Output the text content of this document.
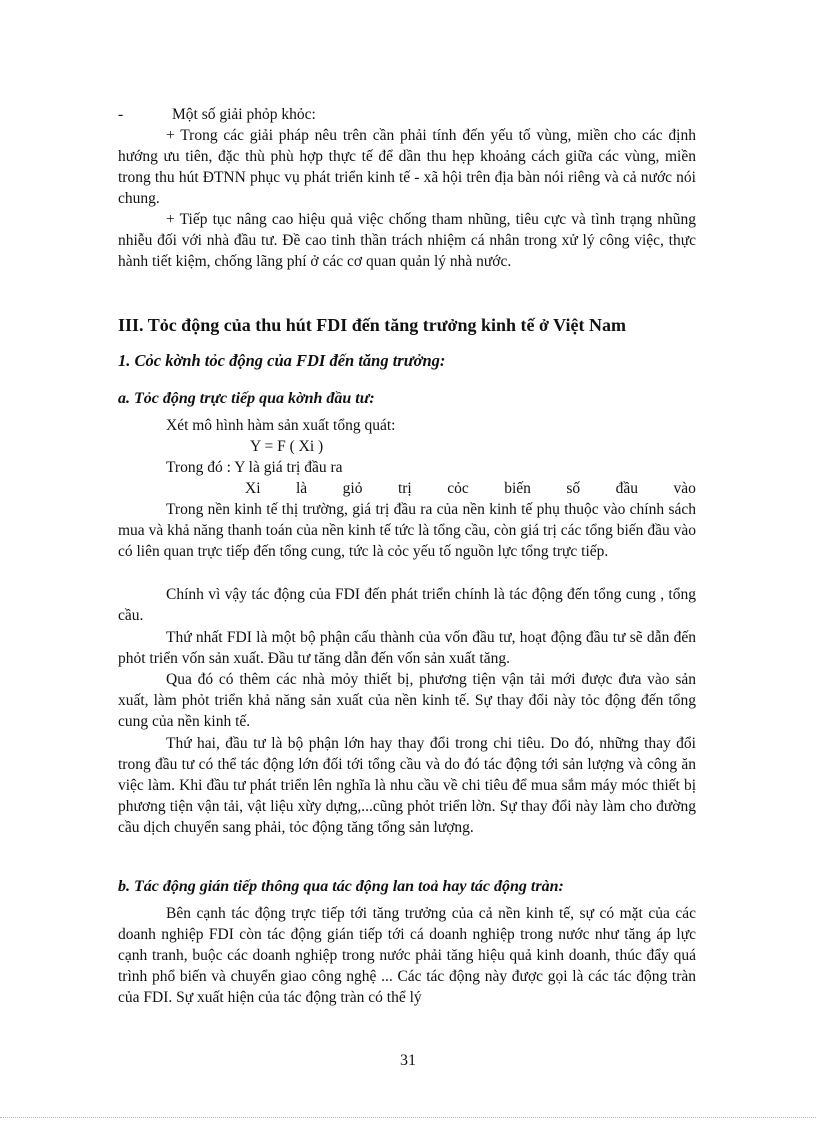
-	Một số giải phỏp khỏc:

+ Trong các giải pháp nêu trên cần phải tính đến yếu tố vùng, miền cho các định hướng ưu tiên, đặc thù phù hợp thực tế để dần thu hẹp khoảng cách giữa các vùng, miền trong thu hút ĐTNN phục vụ phát triển kinh tế - xã hội trên địa bàn nói riêng và cả nước nói chung.

+ Tiếp tục nâng cao hiệu quả việc chống tham nhũng, tiêu cực và tình trạng nhũng nhiễu đối với nhà đầu tư. Đề cao tinh thần trách nhiệm cá nhân trong xử lý công việc, thực hành tiết kiệm, chống lãng phí ở các cơ quan quản lý nhà nước.

III. Tỏc động của thu hút FDI đến tăng trưởng kinh tế ở Việt Nam
1. Cỏc kờnh tỏc động của FDI đến tăng trưởng:
a. Tỏc động trực tiếp qua kờnh đầu tư:
Xét mô hình hàm sản xuất tổng quát:
Y = F ( Xi )
Trong đó : Y là giá trị đầu ra
Xi là giỏ trị cỏc biến số đầu vào

Trong nền kinh tế thị trường, giá trị đầu ra của nền kinh tế phụ thuộc vào chính sách mua và khả năng thanh toán của nền kinh tế tức là tổng cầu, còn giá trị các tổng biến đầu vào có liên quan trực tiếp đến tổng cung, tức là cỏc yếu tố nguồn lực tổng trực tiếp.

Chính vì vậy tác động của FDI đến phát triển chính là tác động đến tổng cung , tổng cầu.

Thứ nhất FDI là một bộ phận cấu thành của vốn đầu tư, hoạt động đầu tư sẽ dẫn đến phỏt triển vốn sản xuất. Đầu tư tăng dẫn đến vốn sản xuất tăng.

Qua đó có thêm các nhà mỏy thiết bị, phương tiện vận tải mới được đưa vào sản xuất, làm phỏt triển khả năng sản xuất của nền kinh tế. Sự thay đổi này tỏc động đến tổng cung của nền kinh tế.

Thứ hai, đầu tư là bộ phận lớn hay thay đổi trong chi tiêu. Do đó, những thay đổi trong đầu tư có thể tác động lớn đối tới tổng cầu và do đó tác động tới sản lượng và công ăn việc làm. Khi đầu tư phát triển lên nghĩa là nhu cầu về chi tiêu để mua sắm máy móc thiết bị phương tiện vận tải, vật liệu xừy dựng,...cũng phỏt triển lờn. Sự thay đổi này làm cho đường cầu dịch chuyển sang phải, tỏc động tăng tổng sản lượng.

b. Tác động gián tiếp thông qua tác động lan toả hay tác động tràn:

Bên cạnh tác động trực tiếp tới tăng trưởng của cả nền kinh tế, sự có mặt của các doanh nghiệp FDI còn tác động gián tiếp tới cá doanh nghiệp trong nước như tăng áp lực cạnh tranh, buộc các doanh nghiệp trong nước phải tăng hiệu quả kinh doanh, thúc đẩy quá trình phổ biến và chuyển giao công nghệ ... Các tác động này được gọi là các tác động tràn của FDI. Sự xuất hiện của tác động tràn có thể lý

31
